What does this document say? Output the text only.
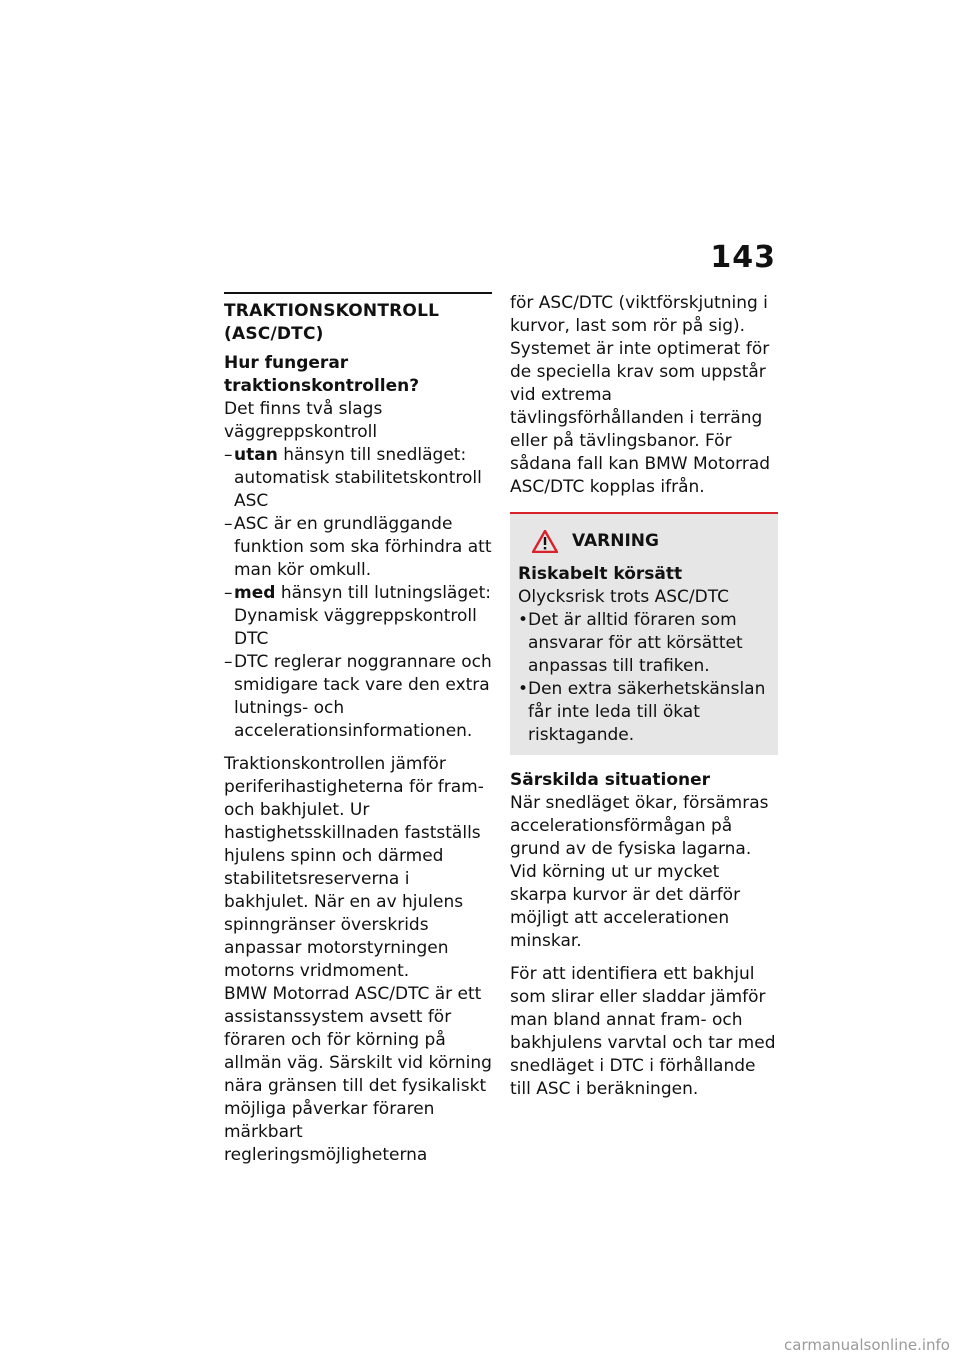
143
TRAKTIONSKONTROLL (ASC/DTC)
Hur fungerar traktionskontrollen?

Det finns två slags väggreppskontroll

– utan hänsyn till snedläget: automatisk stabilitetskontroll ASC
– ASC är en grundläggande funktion som ska förhindra att man kör omkull.
– med hänsyn till lutningsläget: Dynamisk väggreppskontroll DTC
– DTC reglerar noggrannare och smidigare tack vare den extra lutnings- och accelerationsinformationen.

Traktionskontrollen jämför periferihastigheterna för fram- och bakhjulet. Ur hastighetsskillnaden fastställs hjulens spinn och därmed stabilitetsreserverna i bakhjulet. När en av hjulens spinngränser överskrids anpassar motorstyrningen motorns vridmoment.

BMW Motorrad ASC/DTC är ett assistanssystem avsett för föraren och för körning på allmän väg. Särskilt vid körning nära gränsen till det fysikaliskt möjliga påverkar föraren märkbart regleringsmöjligheterna

för ASC/DTC (viktförskjutning i kurvor, last som rör på sig). Systemet är inte optimerat för de speciella krav som uppstår vid extrema tävlingsförhållanden i terräng eller på tävlingsbanor. För sådana fall kan BMW Motorrad ASC/DTC kopplas ifrån.

VARNING
Riskabelt körsätt

Olycksrisk trots ASC/DTC

• Det är alltid föraren som ansvarar för att körsättet anpassas till trafiken.
• Den extra säkerhetskänslan får inte leda till ökat risktagande.
Särskilda situationer

När snedläget ökar, försämras accelerationsförmågan på grund av de fysiska lagarna. Vid körning ut ur mycket skarpa kurvor är det därför möjligt att accelerationen minskar.

För att identifiera ett bakhjul som slirar eller sladdar jämför man bland annat fram- och bakhjulens varvtal och tar med snedläget i DTC i förhållande till ASC i beräkningen.

carmanualsonline.info
